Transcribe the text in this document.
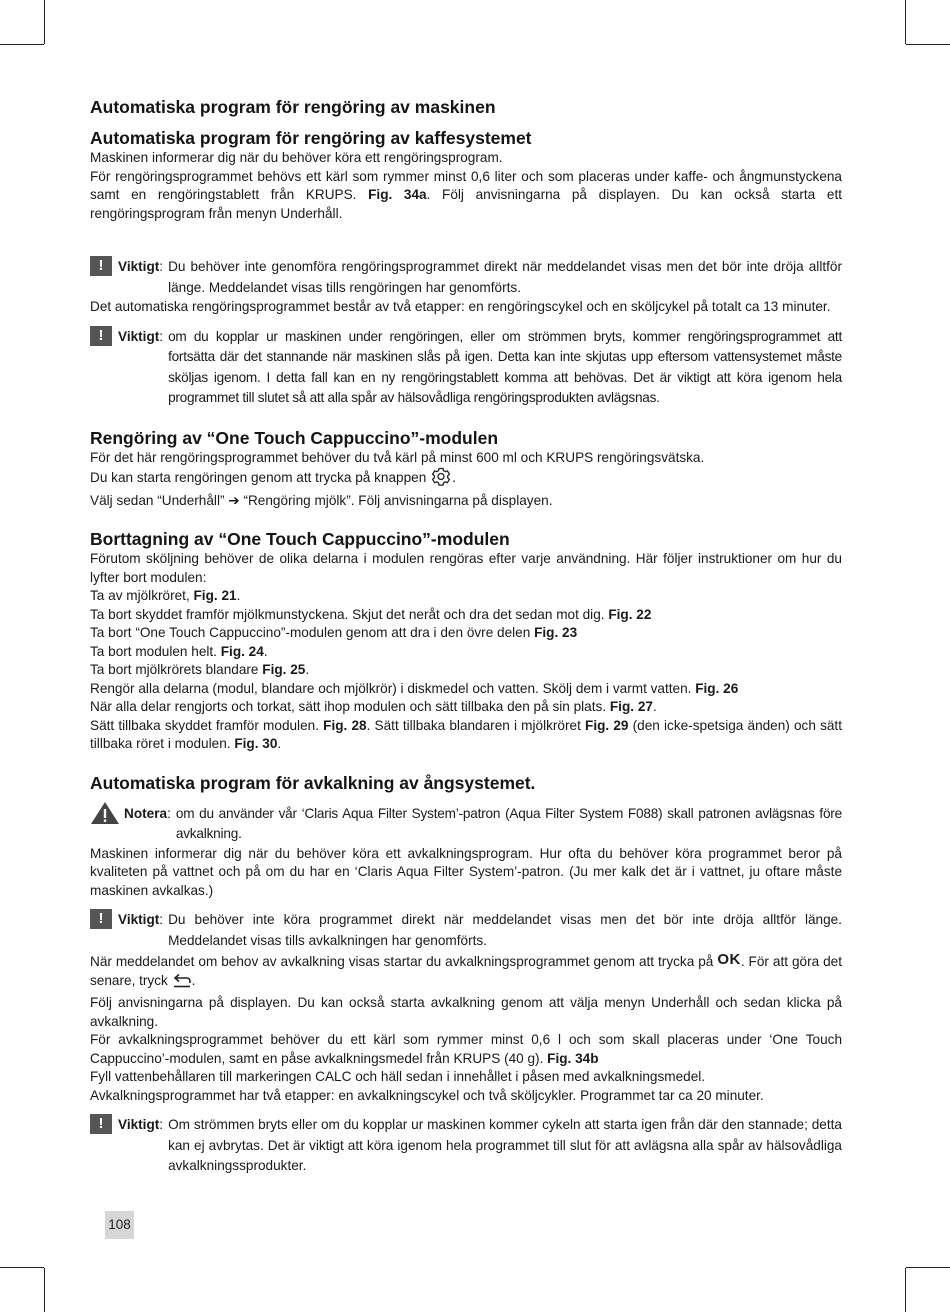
Automatiska program för rengöring av maskinen
Automatiska program för rengöring av kaffesystemet

Maskinen informerar dig när du behöver köra ett rengöringsprogram.

För rengöringsprogrammet behövs ett kärl som rymmer minst 0,6 liter och som placeras under kaffe- och ångmunstyckena samt en rengöringstablett från KRUPS. Fig. 34a. Följ anvisningarna på displayen. Du kan också starta ett rengöringsprogram från menyn Underhåll.

!	Viktigt : Du behöver inte genomföra rengöringsprogrammet direkt när meddelandet visas men det bör inte dröja alltför länge. Meddelandet visas tills rengöringen har genomförts.

Det automatiska rengöringsprogrammet består av två etapper: en rengöringscykel och en sköljcykel på totalt ca 13 minuter.

!	Viktigt : om du kopplar ur maskinen under rengöringen, eller om strömmen bryts, kommer rengöringsprogrammet att fortsätta där det stannande när maskinen slås på igen. Detta kan inte skjutas upp eftersom vattensystemet måste sköljas igenom. I detta fall kan en ny rengöringstablett komma att behövas. Det är viktigt att köra igenom hela programmet till slutet så att alla spår av hälsovådliga rengöringsprodukten avlägsnas.
Rengöring av “One Touch Cappuccino”-modulen

För det här rengöringsprogrammet behöver du två kärl på minst 600 ml och KRUPS rengöringsvätska.

Du kan starta rengöringen genom att trycka på knappen .

Välj sedan “Underhåll” ➔ “Rengöring mjölk”. Följ anvisningarna på displayen.

Borttagning av “One Touch Cappuccino”-modulen

Förutom sköljning behöver de olika delarna i modulen rengöras efter varje användning. Här följer instruktioner om hur du lyfter bort modulen:

Ta av mjölkröret, Fig. 21.

Ta bort skyddet framför mjölkmunstyckena. Skjut det neråt och dra det sedan mot dig. Fig. 22

Ta bort “One Touch Cappuccino”-modulen genom att dra i den övre delen Fig. 23

Ta bort modulen helt. Fig. 24.

Ta bort mjölkrörets blandare Fig. 25.

Rengör alla delarna (modul, blandare och mjölkrör) i diskmedel och vatten. Skölj dem i varmt vatten. Fig. 26

När alla delar rengjorts och torkat, sätt ihop modulen och sätt tillbaka den på sin plats. Fig. 27.

Sätt tillbaka skyddet framför modulen. Fig. 28. Sätt tillbaka blandaren i mjölkröret Fig. 29 (den icke-spetsiga änden) och sätt tillbaka röret i modulen. Fig. 30.

Automatiska program för avkalkning av ångsystemet.
Notera : om du använder vår ‘Claris Aqua Filter System’-patron (Aqua Filter System F088) skall patronen avlägsnas före avkalkning.

Maskinen informerar dig när du behöver köra ett avkalkningsprogram. Hur ofta du behöver köra programmet beror på kvaliteten på vattnet och på om du har en ‘Claris Aqua Filter System’-patron. (Ju mer kalk det är i vattnet, ju oftare måste maskinen avkalkas.)

!	Viktigt : Du behöver inte köra programmet direkt när meddelandet visas men det bör inte dröja alltför länge. Meddelandet visas tills avkalkningen har genomförts.

När meddelandet om behov av avkalkning visas startar du avkalkningsprogrammet genom att trycka på OK. För att göra det senare, tryck .

Följ anvisningarna på displayen. Du kan också starta avkalkning genom att välja menyn Underhåll och sedan klicka på avkalkning.

För avkalkningsprogrammet behöver du ett kärl som rymmer minst 0,6 l och som skall placeras under ‘One Touch Cappuccino’-modulen, samt en påse avkalkningsmedel från KRUPS (40 g). Fig. 34b

Fyll vattenbehållaren till markeringen CALC och häll sedan i innehållet i påsen med avkalkningsmedel.

Avkalkningsprogrammet har två etapper: en avkalkningscykel och två sköljcykler. Programmet tar ca 20 minuter.

!	Viktigt : Om strömmen bryts eller om du kopplar ur maskinen kommer cykeln att starta igen från där den stannade; detta kan ej avbrytas. Det är viktigt att köra igenom hela programmet till slut för att avlägsna alla spår av hälsovådliga avkalkningssprodukter.
108
